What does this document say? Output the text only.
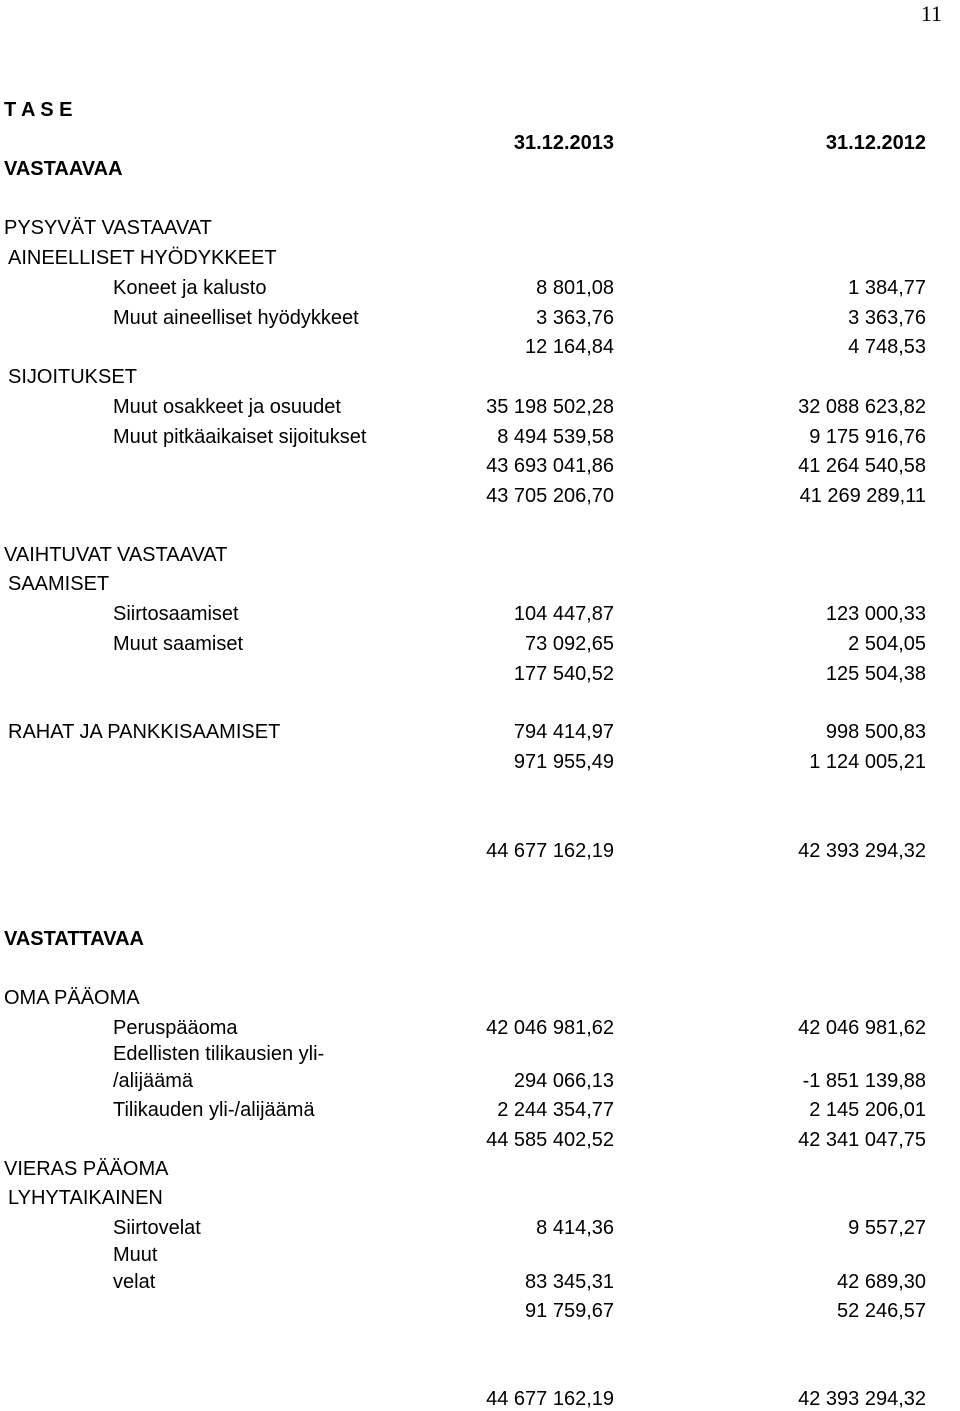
11
T A S E
31.12.2013	31.12.2012
VASTAAVAA
PYSYVÄT VASTAAVAT
AINEELLISET HYÖDYKKEET
Koneet ja kalusto	8 801,08	1 384,77
Muut aineelliset hyödykkeet	3 363,76	3 363,76
12 164,84	4 748,53
SIJOITUKSET
Muut osakkeet ja osuudet	35 198 502,28	32 088 623,82
Muut pitkäaikaiset sijoitukset	8 494 539,58	9 175 916,76
43 693 041,86	41 264 540,58
43 705 206,70	41 269 289,11
VAIHTUVAT VASTAAVAT
SAAMISET
Siirtosaamiset	104 447,87	123 000,33
Muut saamiset	73 092,65	2 504,05
177 540,52	125 504,38
RAHAT JA PANKKISAAMISET	794 414,97	998 500,83
971 955,49	1 124 005,21
44 677 162,19	42 393 294,32
VASTATTAVAA
OMA PÄÄOMA
Peruspääoma	42 046 981,62	42 046 981,62
Edellisten tilikausien yli-
/alijäämä	294 066,13	-1 851 139,88
Tilikauden yli-/alijäämä	2 244 354,77	2 145 206,01
44 585 402,52	42 341 047,75
VIERAS PÄÄOMA
LYHYTAIKAINEN
Siirtovelat	8 414,36	9 557,27
Muut
velat	83 345,31	42 689,30
91 759,67	52 246,57
44 677 162,19	42 393 294,32
